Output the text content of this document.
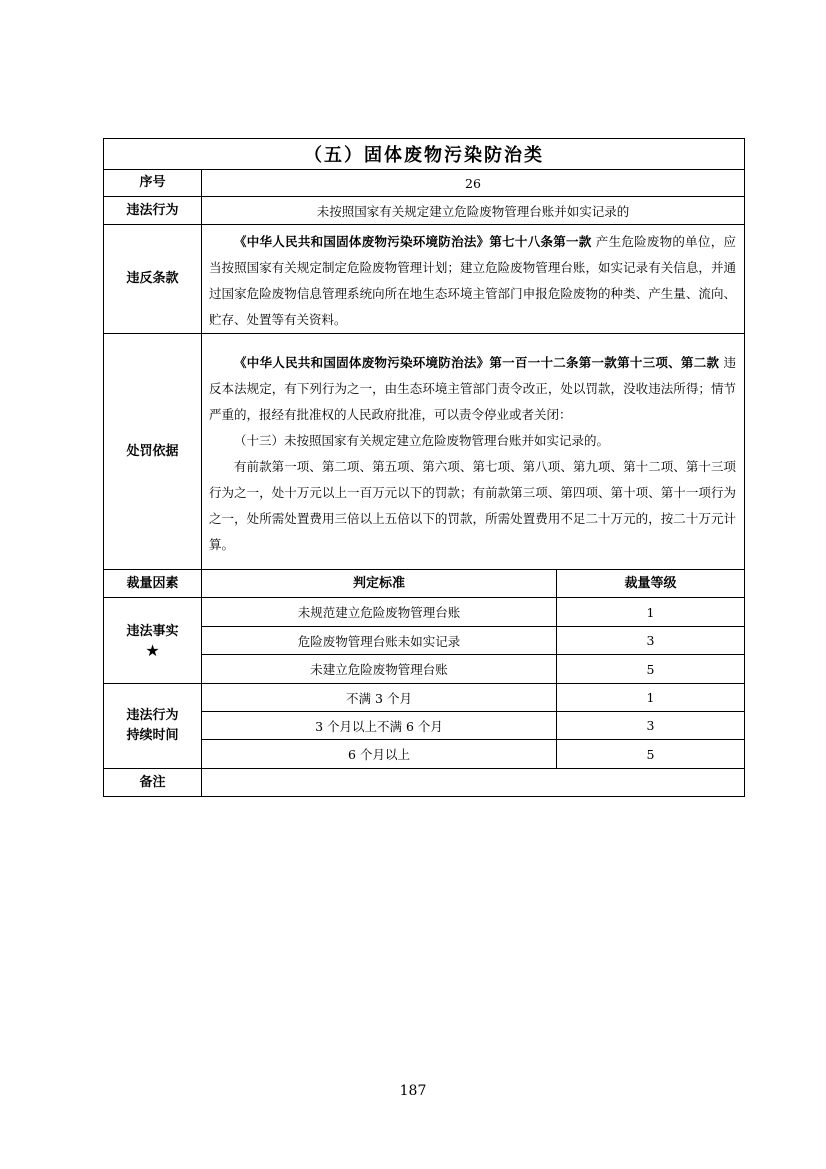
（五）固体废物污染防治类		
序号	26	
违法行为	未按照国家有关规定建立危险废物管理台账并如实记录的	
违反条款	《中华人民共和国固体废物污染环境防治法》第七十八条第一款 产生危险废物的单位，应当按照国家有关规定制定危险废物管理计划；建立危险废物管理台账，如实记录有关信息，并通过国家危险废物信息管理系统向所在地生态环境主管部门申报危险废物的种类、产生量、流向、贮存、处置等有关资料。	

处罚依据	《中华人民共和国固体废物污染环境防治法》第一百一十二条第一款第十三项、第二款 违反本法规定，有下列行为之一，由生态环境主管部门责令改正，处以罚款，没收违法所得；情节严重的，报经有批准权的人民政府批准，可以责令停业或者关闭：

（十三）未按照国家有关规定建立危险废物管理台账并如实记录的。

有前款第一项、第二项、第五项、第六项、第七项、第八项、第九项、第十二项、第十三项行为之一，处十万元以上一百万元以下的罚款；有前款第三项、第四项、第十项、第十一项行为之一，处所需处置费用三倍以上五倍以下的罚款，所需处置费用不足二十万元的，按二十万元计算。	

裁量因素	判定标准	裁量等级

违法事实
★	未规范建立危险废物管理台账	1
	危险废物管理台账未如实记录	3
	未建立危险废物管理台账	5

违法行为
持续时间	不满 3 个月	1
	3 个月以上不满 6 个月	3
	6 个月以上	5
备注		
187
